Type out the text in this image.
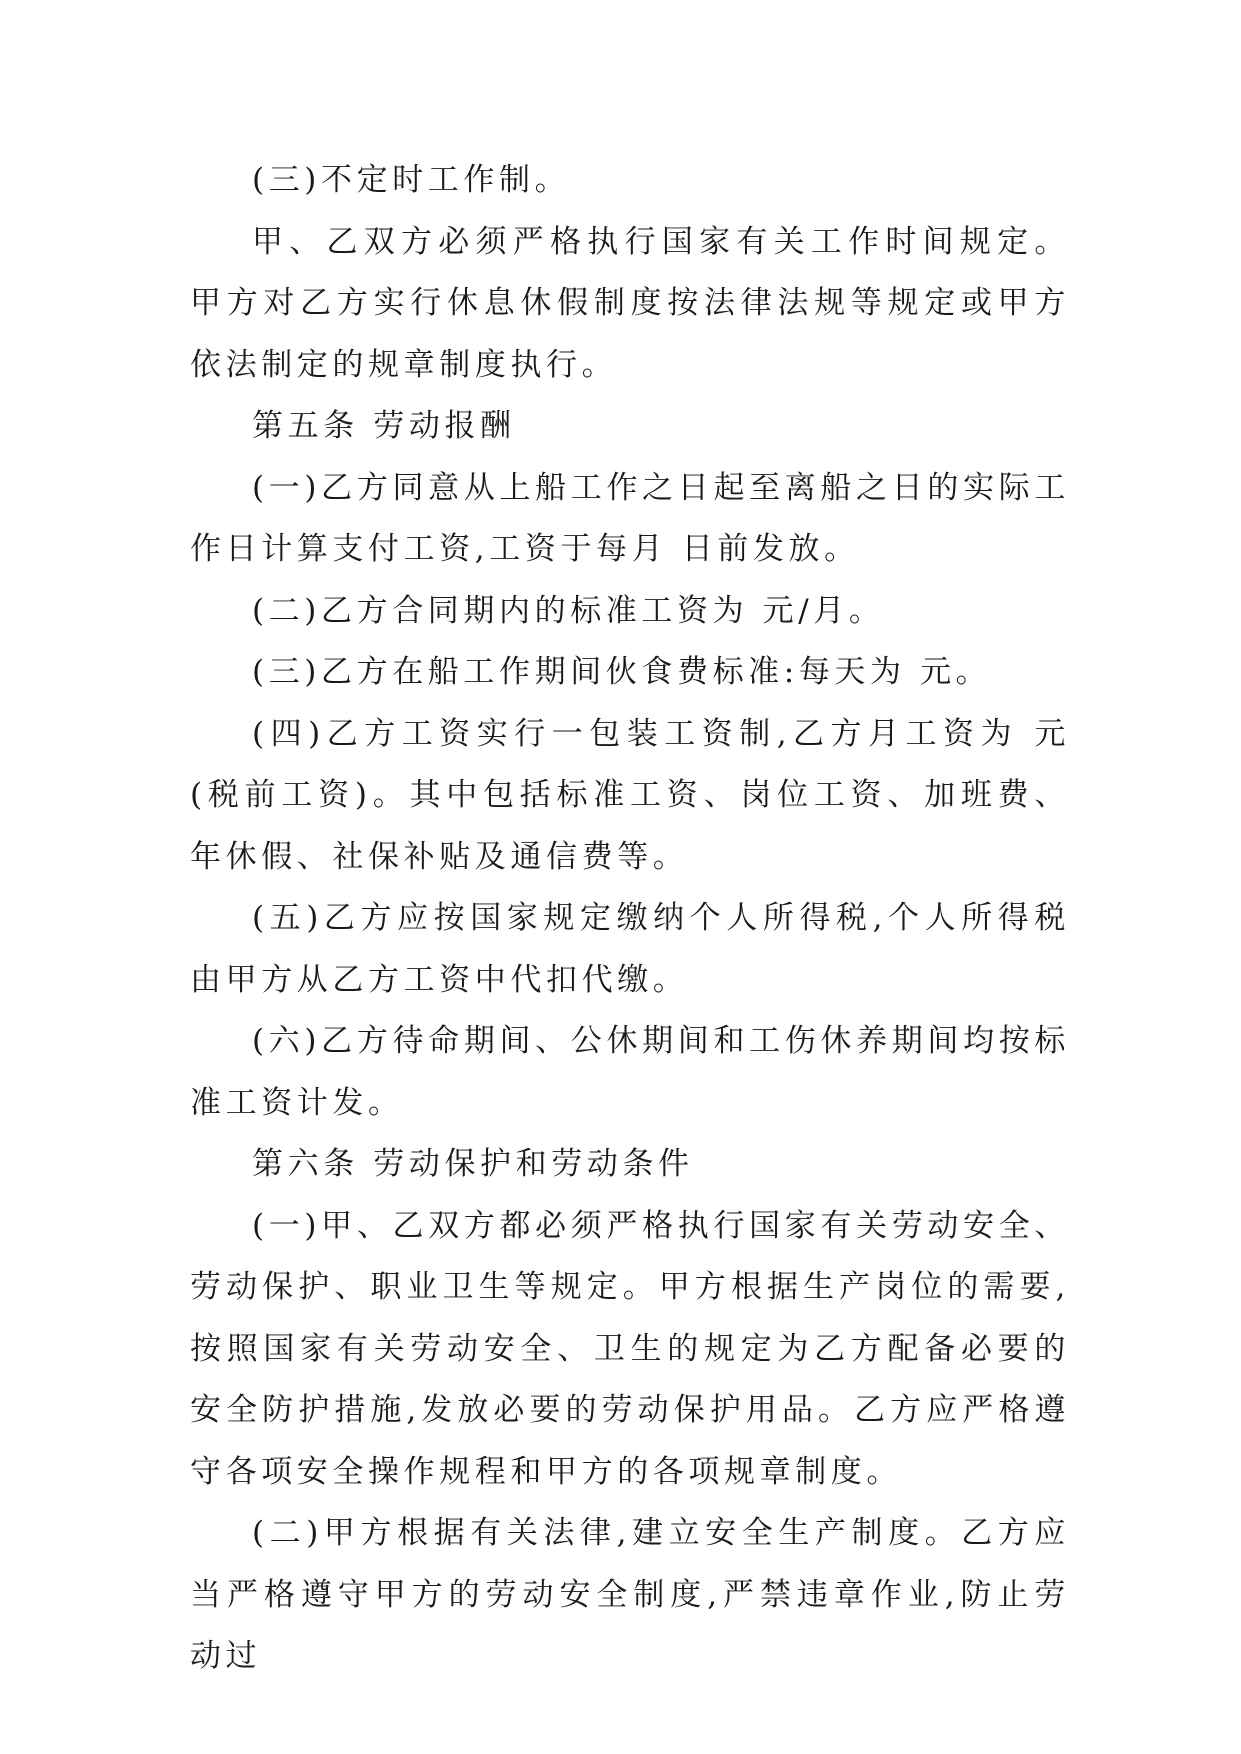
(三)不定时工作制。

甲、乙双方必须严格执行国家有关工作时间规定。甲方对乙方实行休息休假制度按法律法规等规定或甲方依法制定的规章制度执行。

第五条 劳动报酬

(一)乙方同意从上船工作之日起至离船之日的实际工作日计算支付工资,工资于每月 日前发放。

(二)乙方合同期内的标准工资为 元/月。

(三)乙方在船工作期间伙食费标准:每天为 元。

(四)乙方工资实行一包装工资制,乙方月工资为 元(税前工资)。其中包括标准工资、岗位工资、加班费、年休假、社保补贴及通信费等。

(五)乙方应按国家规定缴纳个人所得税,个人所得税由甲方从乙方工资中代扣代缴。

(六)乙方待命期间、公休期间和工伤休养期间均按标准工资计发。

第六条 劳动保护和劳动条件

(一)甲、乙双方都必须严格执行国家有关劳动安全、劳动保护、职业卫生等规定。甲方根据生产岗位的需要,按照国家有关劳动安全、卫生的规定为乙方配备必要的安全防护措施,发放必要的劳动保护用品。乙方应严格遵守各项安全操作规程和甲方的各项规章制度。

(二)甲方根据有关法律,建立安全生产制度。乙方应当严格遵守甲方的劳动安全制度,严禁违章作业,防止劳动过
